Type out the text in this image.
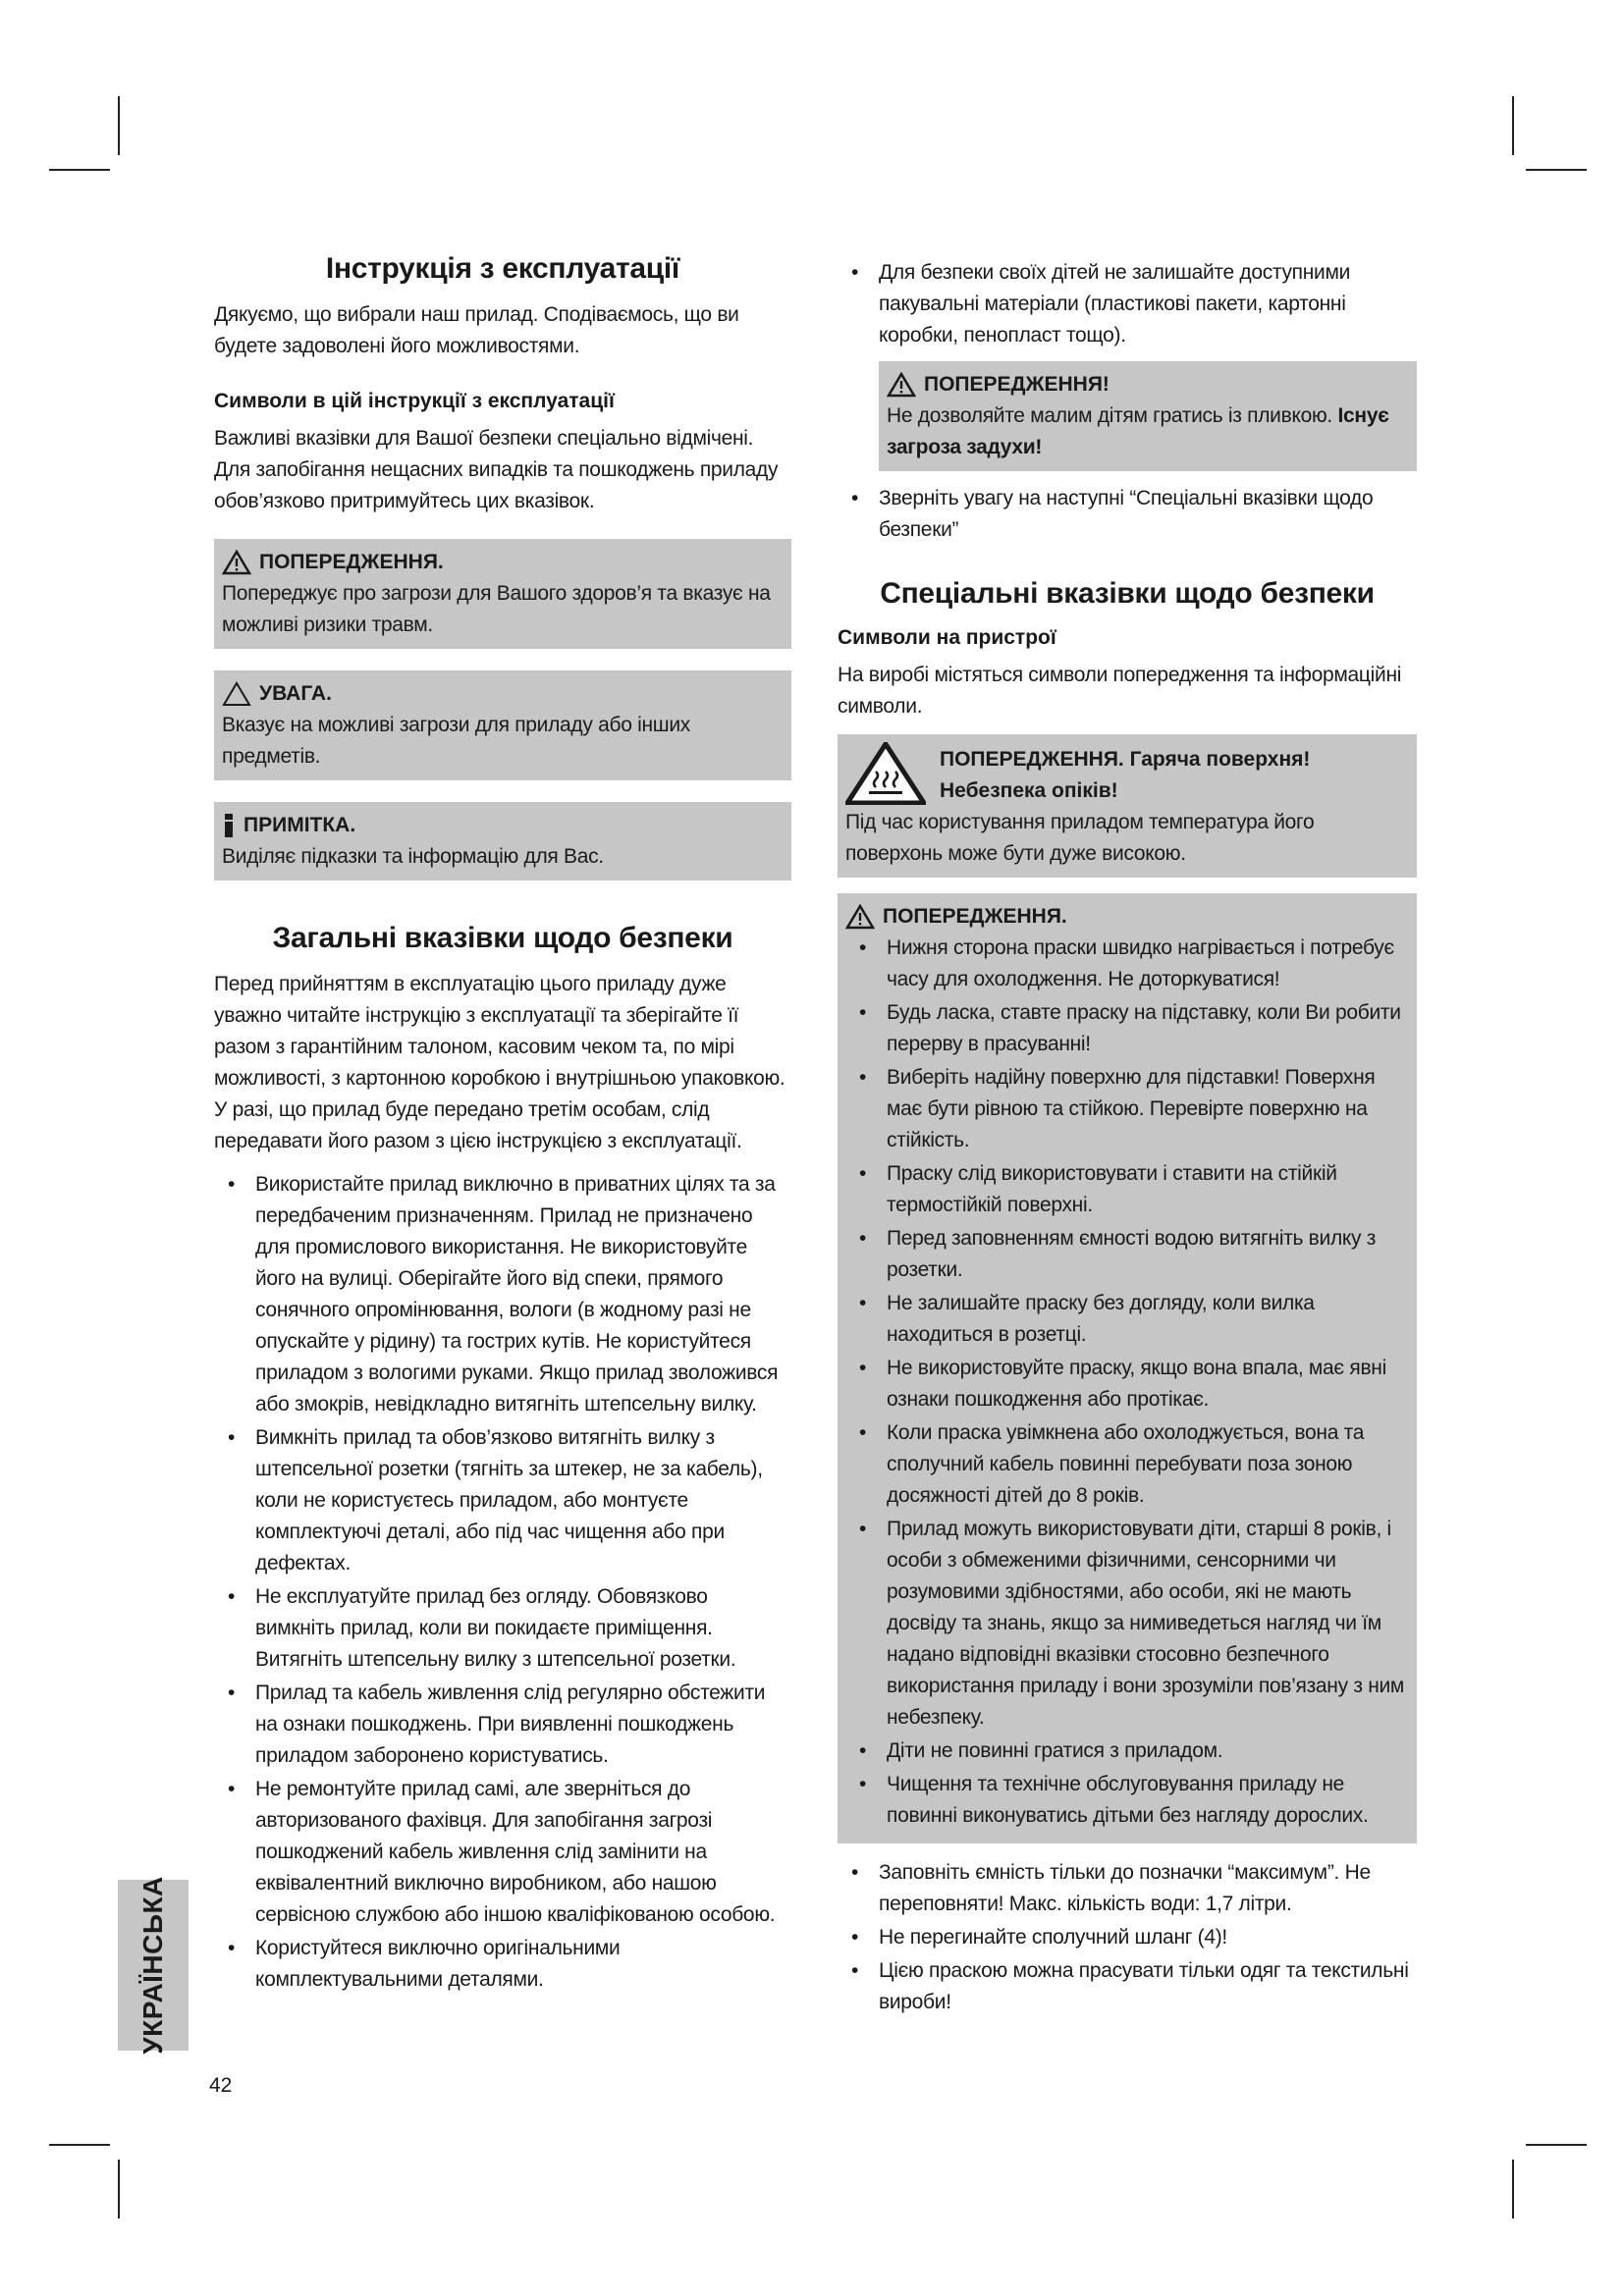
Інструкція з експлуатації

Дякуємо, що вибрали наш прилад. Сподіваємось, що ви будете задоволені його можливостями.

Символи в цій інструкції з експлуатації

Важливі вказівки для Вашої безпеки спеціально відмічені. Для запобігання нещасних випадків та пошкоджень приладу обов’язково притримуйтесь цих вказівок.

ПОПЕРЕДЖЕННЯ.

Попереджує про загрози для Вашого здоров’я та вказує на можливі ризики травм.

УВАГА.

Вказує на можливі загрози для приладу або інших предметів.

ПРИМІТКА.

Виділяє підказки та інформацію для Вас.

Загальні вказівки щодо безпеки

Перед прийняттям в експлуатацію цього приладу дуже уважно читайте інструкцію з експлуатації та зберігайте її разом з гарантійним талоном, касовим чеком та, по мірі можливості, з картонною коробкою і внутрішньою упаковкою. У разі, що прилад буде передано третім особам, слід передавати його разом з цією інструкцією з експлуатації.

• Використайте прилад виключно в приватних цілях та за передбаченим призначенням. Прилад не призначено для промислового використання. Не використовуйте його на вулиці. Оберігайте його від спеки, прямого сонячного опромінювання, вологи (в жодному разі не опускайте у рідину) та гострих кутів. Не користуйтеся приладом з вологими руками. Якщо прилад зволожився або змокрів, невідкладно витягніть штепсельну вилку.
• Вимкніть прилад та обов’язково витягніть вилку з штепсельної розетки (тягніть за штекер, не за кабель), коли не користуєтесь приладом, або монтуєте комплектуючі деталі, або під час чищення або при дефектах.
• Не експлуатуйте прилад без огляду. Обовязково вимкніть прилад, коли ви покидаєте приміщення. Витягніть штепсельну вилку з штепсельної розетки.
• Прилад та кабель живлення слід регулярно обстежити на ознаки пошкоджень. При виявленні пошкоджень приладом заборонено користуватись.
• Не ремонтуйте прилад самі, але зверніться до авторизованого фахівця. Для запобігання загрозі пошкоджений кабель живлення слід замінити на еквівалентний виключно виробником, або нашою сервісною службою або іншою кваліфікованою особою.
• Користуйтеся виключно оригінальними комплектувальними деталями.
• Для безпеки своїх дітей не залишайте доступними пакувальні матеріали (пластикові пакети, картонні коробки, пенопласт тощо).
ПОПЕРЕДЖЕННЯ!

Не дозволяйте малим дітям гратись із пливкою. Існує загроза задухи!

• Зверніть увагу на наступні “Спеціальні вказівки щодо безпеки”
Спеціальні вказівки щодо безпеки
Символи на пристрої

На виробі містяться символи попередження та інформаційні символи.

ПОПЕРЕДЖЕННЯ. Гаряча поверхня!
Небезпека опіків!

Під час користування приладом температура його поверхонь може бути дуже високою.

ПОПЕРЕДЖЕННЯ.
• Нижня сторона праски швидко нагрівається і потребує часу для охолодження. Не доторкуватися!
• Будь ласка, ставте праску на підставку, коли Ви робити перерву в прасуванні!
• Виберіть надійну поверхню для підставки! Поверхня має бути рівною та стійкою. Перевірте поверхню на стійкість.
• Праску слід використовувати і ставити на стійкій термостійкій поверхні.
• Перед заповненням ємності водою витягніть вилку з розетки.
• Не залишайте праску без догляду, коли вилка находиться в розетці.
• Не використовуйте праску, якщо вона впала, має явні ознаки пошкодження або протікає.
• Коли праска увімкнена або охолоджується, вона та сполучний кабель повинні перебувати поза зоною досяжності дітей до 8 років.
• Прилад можуть використовувати діти, старші 8 років, і особи з обмеженими фізичними, сенсорними чи розумовими здібностями, або особи, які не мають досвіду та знань, якщо за нимиведеться нагляд чи їм надано відповідні вказівки стосовно безпечного використання приладу і вони зрозуміли пов’язану з ним небезпеку.
• Діти не повинні гратися з приладом.
• Чищення та технічне обслуговування приладу не повинні виконуватись дітьми без нагляду дорослих.
• Заповніть ємність тільки до позначки “максимум”. Не переповняти! Макс. кількість води: 1,7 літри.
• Не перегинайте сполучний шланг (4)!
• Цією праскою можна прасувати тільки одяг та текстильні вироби!
УКРАЇНСЬКА
42
